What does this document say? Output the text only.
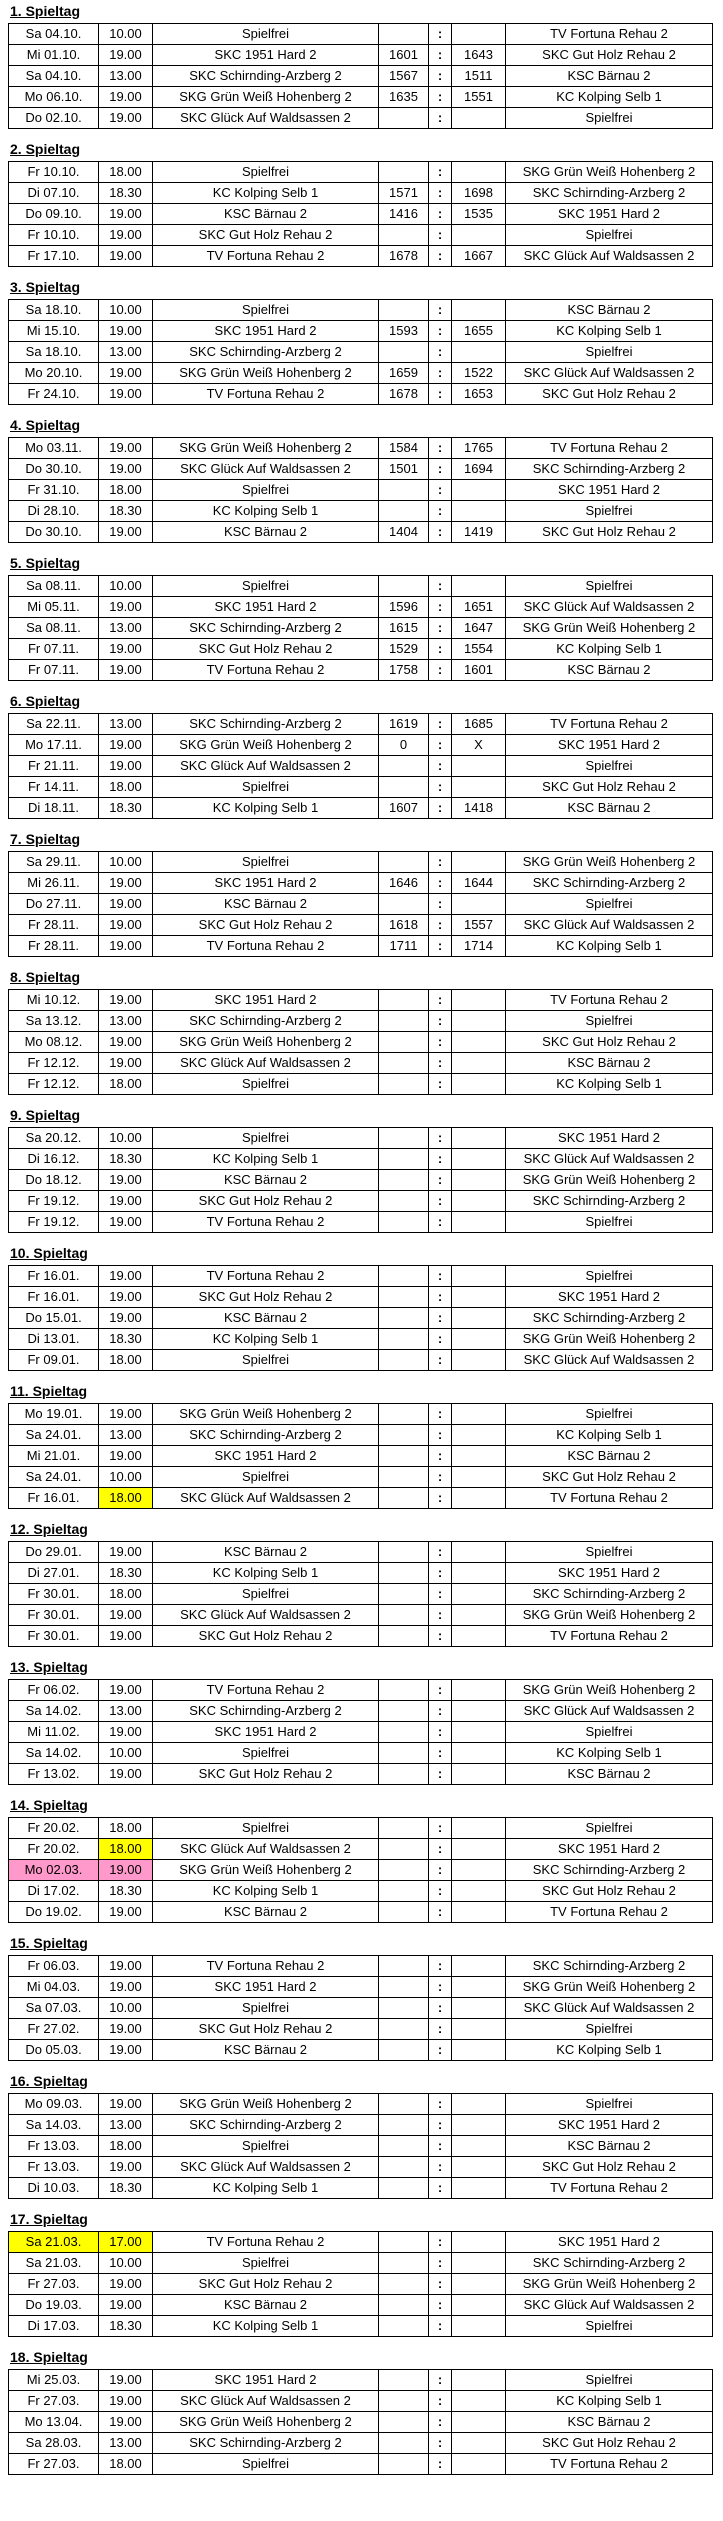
1. Spieltag
Sa 04.10.	10.00	Spielfrei		:		TV Fortuna Rehau 2
Mi 01.10.	19.00	SKC 1951 Hard 2	1601	:	1643	SKC Gut Holz Rehau 2
Sa 04.10.	13.00	SKC Schirnding-Arzberg 2	1567	:	1511	KSC Bärnau 2
Mo 06.10.	19.00	SKG Grün Weiß Hohenberg 2	1635	:	1551	KC Kolping Selb 1
Do 02.10.	19.00	SKC Glück Auf Waldsassen 2		:		Spielfrei
2. Spieltag
Fr 10.10.	18.00	Spielfrei		:		SKG Grün Weiß Hohenberg 2
Di 07.10.	18.30	KC Kolping Selb 1	1571	:	1698	SKC Schirnding-Arzberg 2
Do 09.10.	19.00	KSC Bärnau 2	1416	:	1535	SKC 1951 Hard 2
Fr 10.10.	19.00	SKC Gut Holz Rehau 2		:		Spielfrei
Fr 17.10.	19.00	TV Fortuna Rehau 2	1678	:	1667	SKC Glück Auf Waldsassen 2
3. Spieltag
Sa 18.10.	10.00	Spielfrei		:		KSC Bärnau 2
Mi 15.10.	19.00	SKC 1951 Hard 2	1593	:	1655	KC Kolping Selb 1
Sa 18.10.	13.00	SKC Schirnding-Arzberg 2		:		Spielfrei
Mo 20.10.	19.00	SKG Grün Weiß Hohenberg 2	1659	:	1522	SKC Glück Auf Waldsassen 2
Fr 24.10.	19.00	TV Fortuna Rehau 2	1678	:	1653	SKC Gut Holz Rehau 2
4. Spieltag
Mo 03.11.	19.00	SKG Grün Weiß Hohenberg 2	1584	:	1765	TV Fortuna Rehau 2
Do 30.10.	19.00	SKC Glück Auf Waldsassen 2	1501	:	1694	SKC Schirnding-Arzberg 2
Fr 31.10.	18.00	Spielfrei		:		SKC 1951 Hard 2
Di 28.10.	18.30	KC Kolping Selb 1		:		Spielfrei
Do 30.10.	19.00	KSC Bärnau 2	1404	:	1419	SKC Gut Holz Rehau 2
5. Spieltag
Sa 08.11.	10.00	Spielfrei		:		Spielfrei
Mi 05.11.	19.00	SKC 1951 Hard 2	1596	:	1651	SKC Glück Auf Waldsassen 2
Sa 08.11.	13.00	SKC Schirnding-Arzberg 2	1615	:	1647	SKG Grün Weiß Hohenberg 2
Fr 07.11.	19.00	SKC Gut Holz Rehau 2	1529	:	1554	KC Kolping Selb 1
Fr 07.11.	19.00	TV Fortuna Rehau 2	1758	:	1601	KSC Bärnau 2
6. Spieltag
Sa 22.11.	13.00	SKC Schirnding-Arzberg 2	1619	:	1685	TV Fortuna Rehau 2
Mo 17.11.	19.00	SKG Grün Weiß Hohenberg 2	0	:	X	SKC 1951 Hard 2
Fr 21.11.	19.00	SKC Glück Auf Waldsassen 2		:		Spielfrei
Fr 14.11.	18.00	Spielfrei		:		SKC Gut Holz Rehau 2
Di 18.11.	18.30	KC Kolping Selb 1	1607	:	1418	KSC Bärnau 2
7. Spieltag
Sa 29.11.	10.00	Spielfrei		:		SKG Grün Weiß Hohenberg 2
Mi 26.11.	19.00	SKC 1951 Hard 2	1646	:	1644	SKC Schirnding-Arzberg 2
Do 27.11.	19.00	KSC Bärnau 2		:		Spielfrei
Fr 28.11.	19.00	SKC Gut Holz Rehau 2	1618	:	1557	SKC Glück Auf Waldsassen 2
Fr 28.11.	19.00	TV Fortuna Rehau 2	1711	:	1714	KC Kolping Selb 1
8. Spieltag
Mi 10.12.	19.00	SKC 1951 Hard 2		:		TV Fortuna Rehau 2
Sa 13.12.	13.00	SKC Schirnding-Arzberg 2		:		Spielfrei
Mo 08.12.	19.00	SKG Grün Weiß Hohenberg 2		:		SKC Gut Holz Rehau 2
Fr 12.12.	19.00	SKC Glück Auf Waldsassen 2		:		KSC Bärnau 2
Fr 12.12.	18.00	Spielfrei		:		KC Kolping Selb 1
9. Spieltag
Sa 20.12.	10.00	Spielfrei		:		SKC 1951 Hard 2
Di 16.12.	18.30	KC Kolping Selb 1		:		SKC Glück Auf Waldsassen 2
Do 18.12.	19.00	KSC Bärnau 2		:		SKG Grün Weiß Hohenberg 2
Fr 19.12.	19.00	SKC Gut Holz Rehau 2		:		SKC Schirnding-Arzberg 2
Fr 19.12.	19.00	TV Fortuna Rehau 2		:		Spielfrei
10. Spieltag
Fr 16.01.	19.00	TV Fortuna Rehau 2		:		Spielfrei
Fr 16.01.	19.00	SKC Gut Holz Rehau 2		:		SKC 1951 Hard 2
Do 15.01.	19.00	KSC Bärnau 2		:		SKC Schirnding-Arzberg 2
Di 13.01.	18.30	KC Kolping Selb 1		:		SKG Grün Weiß Hohenberg 2
Fr 09.01.	18.00	Spielfrei		:		SKC Glück Auf Waldsassen 2
11. Spieltag
Mo 19.01.	19.00	SKG Grün Weiß Hohenberg 2		:		Spielfrei
Sa 24.01.	13.00	SKC Schirnding-Arzberg 2		:		KC Kolping Selb 1
Mi 21.01.	19.00	SKC 1951 Hard 2		:		KSC Bärnau 2
Sa 24.01.	10.00	Spielfrei		:		SKC Gut Holz Rehau 2
Fr 16.01.	18.00	SKC Glück Auf Waldsassen 2		:		TV Fortuna Rehau 2
12. Spieltag
Do 29.01.	19.00	KSC Bärnau 2		:		Spielfrei
Di 27.01.	18.30	KC Kolping Selb 1		:		SKC 1951 Hard 2
Fr 30.01.	18.00	Spielfrei		:		SKC Schirnding-Arzberg 2
Fr 30.01.	19.00	SKC Glück Auf Waldsassen 2		:		SKG Grün Weiß Hohenberg 2
Fr 30.01.	19.00	SKC Gut Holz Rehau 2		:		TV Fortuna Rehau 2
13. Spieltag
Fr 06.02.	19.00	TV Fortuna Rehau 2		:		SKG Grün Weiß Hohenberg 2
Sa 14.02.	13.00	SKC Schirnding-Arzberg 2		:		SKC Glück Auf Waldsassen 2
Mi 11.02.	19.00	SKC 1951 Hard 2		:		Spielfrei
Sa 14.02.	10.00	Spielfrei		:		KC Kolping Selb 1
Fr 13.02.	19.00	SKC Gut Holz Rehau 2		:		KSC Bärnau 2
14. Spieltag
Fr 20.02.	18.00	Spielfrei		:		Spielfrei
Fr 20.02.	18.00	SKC Glück Auf Waldsassen 2		:		SKC 1951 Hard 2
Mo 02.03.	19.00	SKG Grün Weiß Hohenberg 2		:		SKC Schirnding-Arzberg 2
Di 17.02.	18.30	KC Kolping Selb 1		:		SKC Gut Holz Rehau 2
Do 19.02.	19.00	KSC Bärnau 2		:		TV Fortuna Rehau 2
15. Spieltag
Fr 06.03.	19.00	TV Fortuna Rehau 2		:		SKC Schirnding-Arzberg 2
Mi 04.03.	19.00	SKC 1951 Hard 2		:		SKG Grün Weiß Hohenberg 2
Sa 07.03.	10.00	Spielfrei		:		SKC Glück Auf Waldsassen 2
Fr 27.02.	19.00	SKC Gut Holz Rehau 2		:		Spielfrei
Do 05.03.	19.00	KSC Bärnau 2		:		KC Kolping Selb 1
16. Spieltag
Mo 09.03.	19.00	SKG Grün Weiß Hohenberg 2		:		Spielfrei
Sa 14.03.	13.00	SKC Schirnding-Arzberg 2		:		SKC 1951 Hard 2
Fr 13.03.	18.00	Spielfrei		:		KSC Bärnau 2
Fr 13.03.	19.00	SKC Glück Auf Waldsassen 2		:		SKC Gut Holz Rehau 2
Di 10.03.	18.30	KC Kolping Selb 1		:		TV Fortuna Rehau 2
17. Spieltag
Sa 21.03.	17.00	TV Fortuna Rehau 2		:		SKC 1951 Hard 2
Sa 21.03.	10.00	Spielfrei		:		SKC Schirnding-Arzberg 2
Fr 27.03.	19.00	SKC Gut Holz Rehau 2		:		SKG Grün Weiß Hohenberg 2
Do 19.03.	19.00	KSC Bärnau 2		:		SKC Glück Auf Waldsassen 2
Di 17.03.	18.30	KC Kolping Selb 1		:		Spielfrei
18. Spieltag
Mi 25.03.	19.00	SKC 1951 Hard 2		:		Spielfrei
Fr 27.03.	19.00	SKC Glück Auf Waldsassen 2		:		KC Kolping Selb 1
Mo 13.04.	19.00	SKG Grün Weiß Hohenberg 2		:		KSC Bärnau 2
Sa 28.03.	13.00	SKC Schirnding-Arzberg 2		:		SKC Gut Holz Rehau 2
Fr 27.03.	18.00	Spielfrei		:		TV Fortuna Rehau 2
